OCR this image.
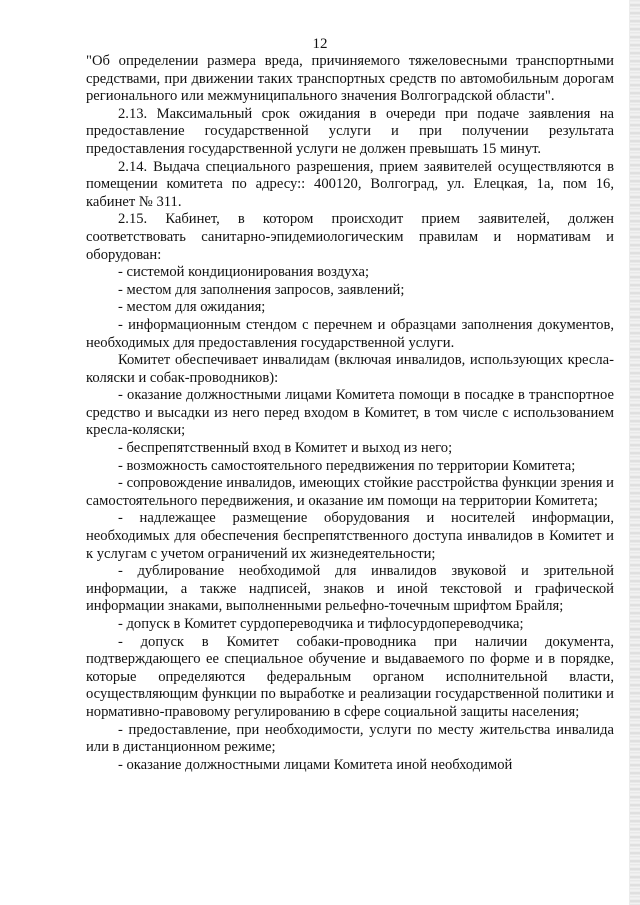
12

"Об определении размера вреда, причиняемого тяжеловесными транспортными средствами, при движении таких транспортных средств по автомобильным дорогам регионального или межмуниципального значения Волгоградской области".

2.13. Максимальный срок ожидания в очереди при подаче заявления на предоставление государственной услуги и при получении результата предоставления государственной услуги не должен превышать 15 минут.

2.14. Выдача специального разрешения, прием заявителей осуществляются в помещении комитета по адресу:: 400120, Волгоград, ул. Елецкая, 1а, пом 16, кабинет № 311.

2.15. Кабинет, в котором происходит прием заявителей, должен соответствовать санитарно-эпидемиологическим правилам и нормативам и оборудован:

- системой кондиционирования воздуха;

- местом для заполнения запросов, заявлений;

- местом для ожидания;

- информационным стендом с перечнем и образцами заполнения документов, необходимых для предоставления государственной услуги.

Комитет обеспечивает инвалидам (включая инвалидов, использующих кресла-коляски и собак-проводников):

- оказание должностными лицами Комитета помощи в посадке в транспортное средство и высадки из него перед входом в Комитет, в том числе с использованием кресла-коляски;

- беспрепятственный вход в Комитет и выход из него;

- возможность самостоятельного передвижения по территории Комитета;

- сопровождение инвалидов, имеющих стойкие расстройства функции зрения и самостоятельного передвижения, и оказание им помощи на территории Комитета;

- надлежащее размещение оборудования и носителей информации, необходимых для обеспечения беспрепятственного доступа инвалидов в Комитет и к услугам с учетом ограничений их жизнедеятельности;

- дублирование необходимой для инвалидов звуковой и зрительной информации, а также надписей, знаков и иной текстовой и графической информации знаками, выполненными рельефно-точечным шрифтом Брайля;

- допуск в Комитет сурдопереводчика и тифлосурдопереводчика;

- допуск в Комитет собаки-проводника при наличии документа, подтверждающего ее специальное обучение и выдаваемого по форме и в порядке, которые определяются федеральным органом исполнительной власти, осуществляющим функции по выработке и реализации государственной политики и нормативно-правовому регулированию в сфере социальной защиты населения;

- предоставление, при необходимости, услуги по месту жительства инвалида или в дистанционном режиме;

- оказание должностными лицами Комитета иной необходимой
